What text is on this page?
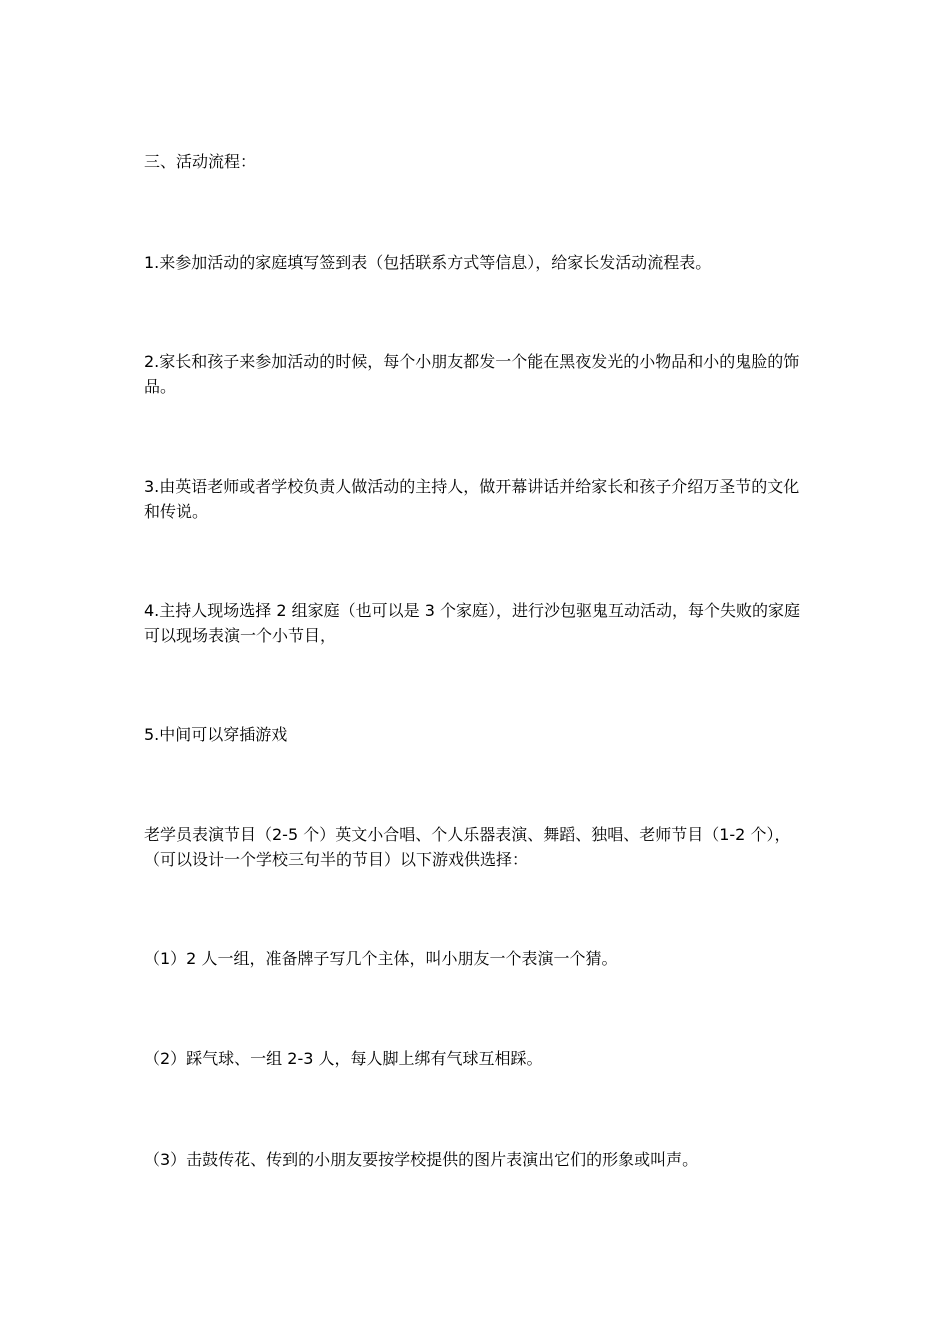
三、活动流程：

1.来参加活动的家庭填写签到表（包括联系方式等信息），给家长发活动流程表。

2.家长和孩子来参加活动的时候，每个小朋友都发一个能在黑夜发光的小物品和小的鬼脸的饰品。

3.由英语老师或者学校负责人做活动的主持人，做开幕讲话并给家长和孩子介绍万圣节的文化和传说。

4.主持人现场选择 2 组家庭（也可以是 3 个家庭），进行沙包驱鬼互动活动，每个失败的家庭可以现场表演一个小节目，

5.中间可以穿插游戏

老学员表演节目（2-5 个）英文小合唱、个人乐器表演、舞蹈、独唱、老师节目（1-2 个），（可以设计一个学校三句半的节目）以下游戏供选择：

（1）2 人一组，准备牌子写几个主体，叫小朋友一个表演一个猜。

（2）踩气球、一组 2-3 人，每人脚上绑有气球互相踩。

（3）击鼓传花、传到的小朋友要按学校提供的图片表演出它们的形象或叫声。
